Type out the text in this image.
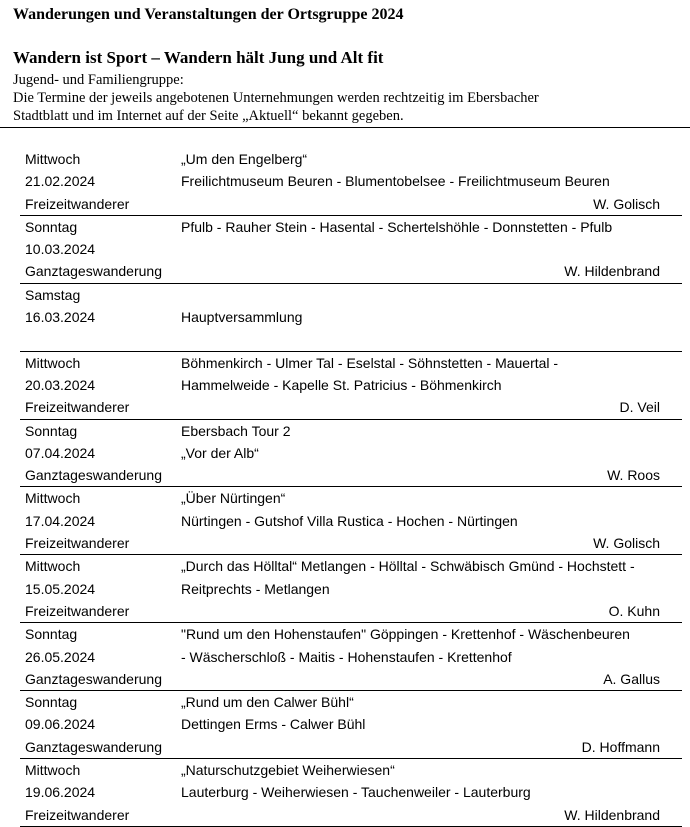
Wanderungen und Veranstaltungen der Ortsgruppe 2024
Wandern ist Sport – Wandern hält Jung und Alt fit
Jugend- und Familiengruppe:
Die Termine der jeweils angebotenen Unternehmungen werden rechtzeitig im Ebersbacher
Stadtblatt und im Internet auf der Seite „Aktuell“ bekannt gegeben.
Mittwoch	„Um den Engelberg“
21.02.2024	Freilichtmuseum Beuren - Blumentobelsee - Freilichtmuseum Beuren
Freizeitwanderer	W. Golisch
Sonntag	Pfulb - Rauher Stein - Hasental - Schertelshöhle - Donnstetten - Pfulb
10.03.2024
Ganztageswanderung	W. Hildenbrand
Samstag
16.03.2024	Hauptversammlung
Mittwoch	Böhmenkirch - Ulmer Tal - Eselstal - Söhnstetten - Mauertal -
20.03.2024	Hammelweide - Kapelle St. Patricius - Böhmenkirch
Freizeitwanderer	D. Veil
Sonntag	Ebersbach Tour 2
07.04.2024	„Vor der Alb“
Ganztageswanderung	W. Roos
Mittwoch	„Über Nürtingen“
17.04.2024	Nürtingen - Gutshof Villa Rustica - Hochen - Nürtingen
Freizeitwanderer	W. Golisch
Mittwoch	„Durch das Hölltal“ Metlangen - Hölltal - Schwäbisch Gmünd - Hochstett -
15.05.2024	Reitprechts - Metlangen
Freizeitwanderer	O. Kuhn
Sonntag	"Rund um den Hohenstaufen" Göppingen - Krettenhof - Wäschenbeuren
26.05.2024	- Wäscherschloß - Maitis - Hohenstaufen - Krettenhof
Ganztageswanderung	A. Gallus
Sonntag	„Rund um den Calwer Bühl“
09.06.2024	Dettingen Erms - Calwer Bühl
Ganztageswanderung	D. Hoffmann
Mittwoch	„Naturschutzgebiet Weiherwiesen“
19.06.2024	Lauterburg - Weiherwiesen - Tauchenweiler - Lauterburg
Freizeitwanderer	W. Hildenbrand
